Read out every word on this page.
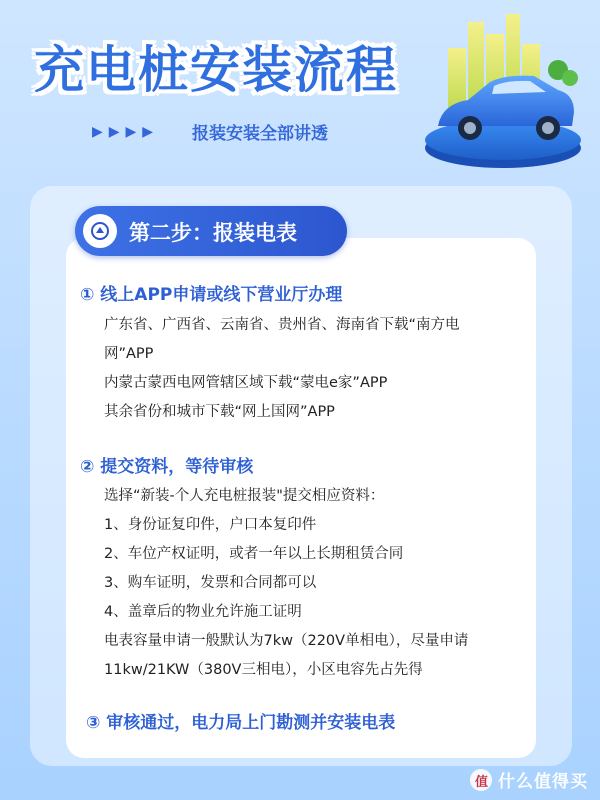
充电桩安装流程
▶▶▶▶ 报装安装全部讲透
第二步：报装电表
① 线上APP申请或线下营业厅办理
广东省、广西省、云南省、贵州省、海南省下载“南方电
网”APP
内蒙古蒙西电网管辖区域下载“蒙电e家”APP
其余省份和城市下载“网上国网”APP
② 提交资料，等待审核
选择“新装-个人充电桩报装"提交相应资料：
1、身份证复印件，户口本复印件
2、车位产权证明，或者一年以上长期租赁合同
3、购车证明，发票和合同都可以
4、盖章后的物业允许施工证明
电表容量申请一般默认为7kw（220V单相电），尽量申请
11kw/21KW（380V三相电），小区电容先占先得
③ 审核通过，电力局上门勘测并安装电表
值 什么值得买
